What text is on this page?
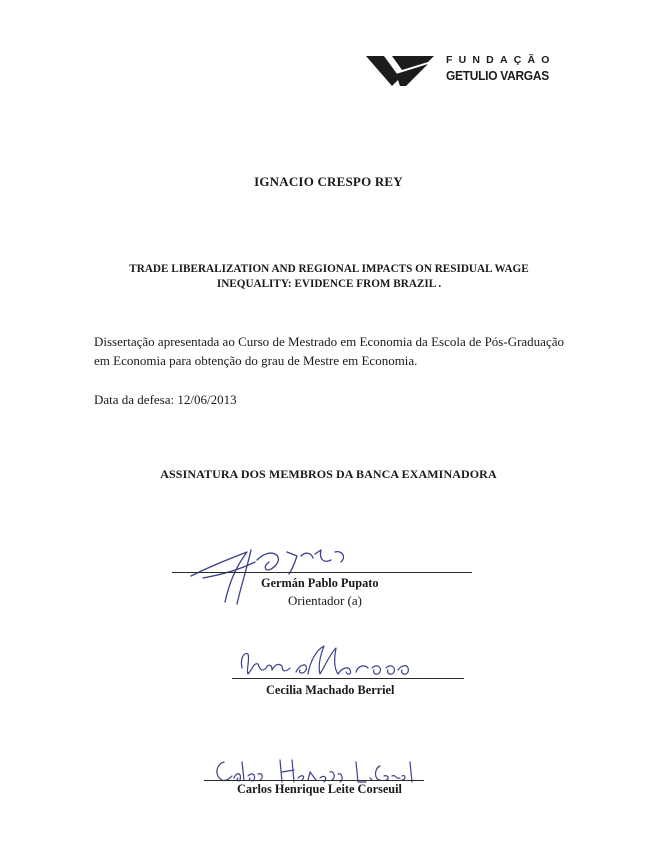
FUNDAÇÃO
GETULIO VARGAS
IGNACIO CRESPO REY
TRADE LIBERALIZATION AND REGIONAL IMPACTS ON RESIDUAL WAGE
INEQUALITY: EVIDENCE FROM BRAZIL .
Dissertação apresentada ao Curso de Mestrado em Economia da Escola de Pós-Graduação em Economia para obtenção do grau de Mestre em Economia.
Data da defesa: 12/06/2013
ASSINATURA DOS MEMBROS DA BANCA EXAMINADORA
Germán Pablo Pupato
Orientador (a)
Cecilia Machado Berriel
Carlos Henrique Leite Corseuil
